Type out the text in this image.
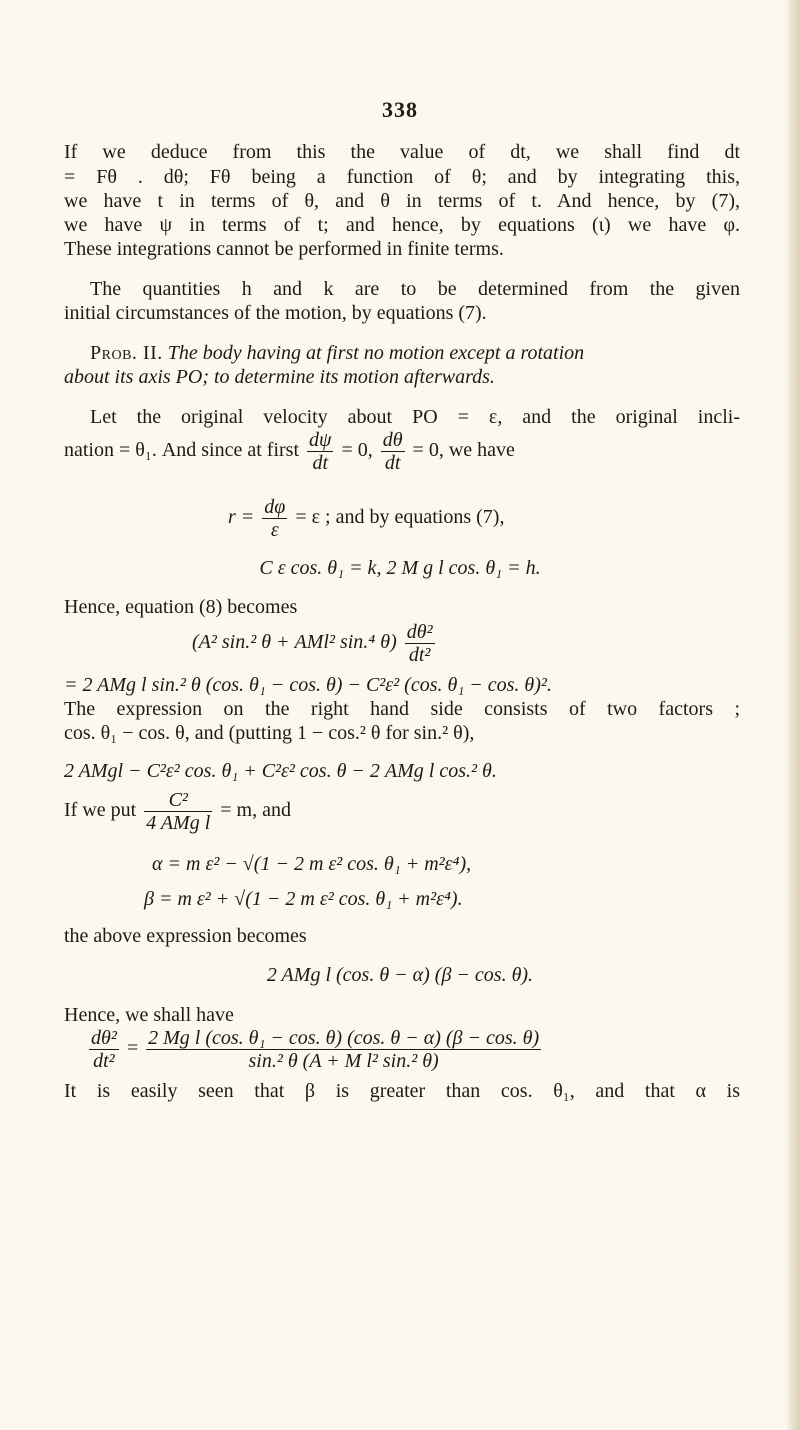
338
If we deduce from this the value of dt, we shall find dt
= Fθ . dθ; Fθ being a function of θ; and by integrating this,
we have t in terms of θ, and θ in terms of t. And hence, by (7),
we have ψ in terms of t; and hence, by equations (ι) we have φ.
These integrations cannot be performed in finite terms.
The quantities h and k are to be determined from the given
initial circumstances of the motion, by equations (7).
Prob. II. The body having at first no motion except a rotation
about its axis PO; to determine its motion afterwards.
Let the original velocity about PO = ε, and the original incli-
nation = θ₁. And since at first $\frac{d\psi}{dt} = 0$, $\frac{d\theta}{dt} = 0$, we have
$r = \frac{d\varphi}{\varepsilon} = \varepsilon$ ; and by equations (7),
C ε cos. θ₁ = k, 2 M g l cos. θ₁ = h.
Hence, equation (8) becomes
(A² sin.² θ + AMl² sin.⁴ $\theta) \frac{\text{dθ²}}{\text{dt²}}$
= 2 AMg l sin.² θ (cos. θ₁ − cos. θ) − C²ε² (cos. θ₁ − cos. θ)².
The expression on the right hand side consists of two factors ;
cos. θ₁ − cos. θ, and (putting 1 − cos.² θ for sin.² θ),
2 AMgl − C²ε² cos. θ₁ + C²ε² cos. θ − 2 AMg l cos.² θ.
If we put $\frac{\text{C²}}{\text{4 AMg l}} = m$, and
α = m ε² − √(1 − 2 m ε² cos. θ₁ + m²ε⁴),
β = m ε² + √(1 − 2 m ε² cos. θ₁ + m²ε⁴).
the above expression becomes
2 AMg l (cos. θ − α) (β − cos. θ).
Hence, we shall have
$\frac{\text{dθ²}}{\text{dt²}} = \frac{\text{2 Mg l (cos. θ₁ − cos. θ) (cos. θ − α) (β − cos. θ)}}{\text{sin.² θ (A + M l² sin.² θ)}}$
It is easily seen that β is greater than cos. θ₁, and that α is
